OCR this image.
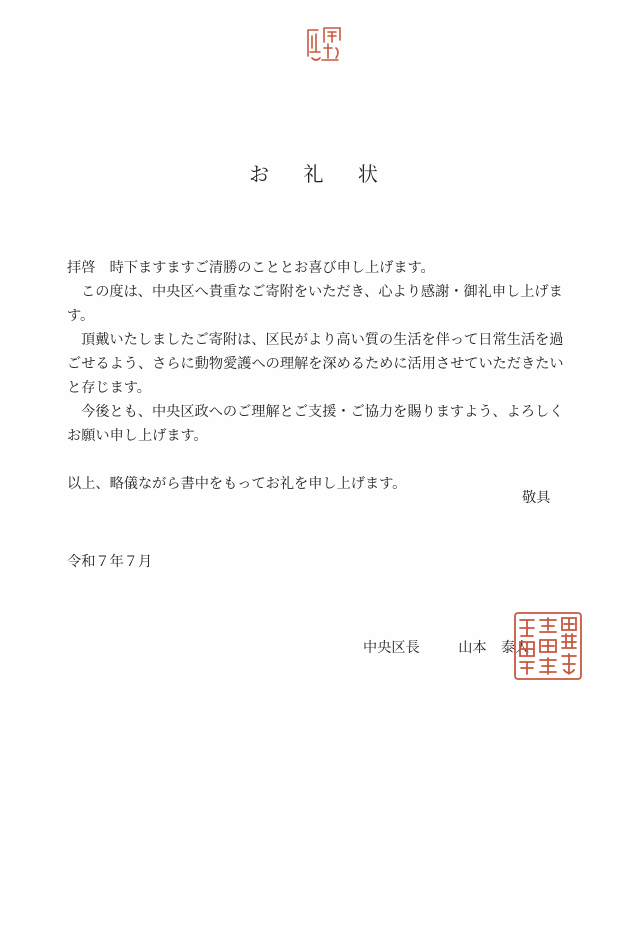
お 礼 状

拝啓　時下ますますご清勝のこととお喜び申し上げます。

この度は、中央区へ貴重なご寄附をいただき、心より感謝・御礼申し上げます。

頂戴いたしましたご寄附は、区民がより高い質の生活を伴って日常生活を過ごせるよう、さらに動物愛護への理解を深めるために活用させていただきたいと存じます。

今後とも、中央区政へのご理解とご支援・ご協力を賜りますよう、よろしくお願い申し上げます。

以上、略儀ながら書中をもってお礼を申し上げます。

敬具
令和７年７月
中央区長	山本　泰人
